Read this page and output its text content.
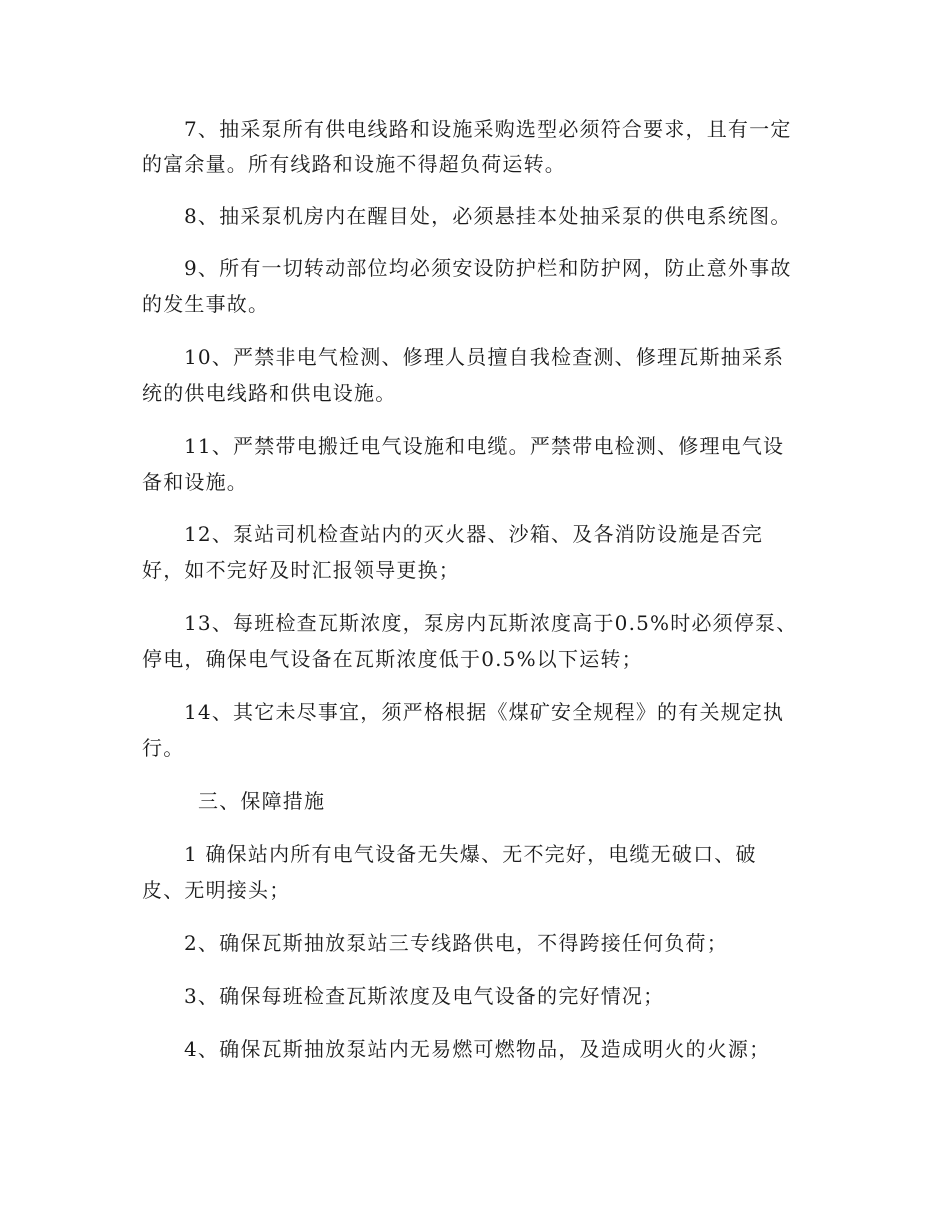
7、抽采泵所有供电线路和设施采购选型必须符合要求，且有一定
的富余量。所有线路和设施不得超负荷运转。
8、抽采泵机房内在醒目处，必须悬挂本处抽采泵的供电系统图。
9、所有一切转动部位均必须安设防护栏和防护网，防止意外事故
的发生事故。
10、严禁非电气检测、修理人员擅自我检查测、修理瓦斯抽采系
统的供电线路和供电设施。
11、严禁带电搬迁电气设施和电缆。严禁带电检测、修理电气设
备和设施。
12、泵站司机检查站内的灭火器、沙箱、及各消防设施是否完
好，如不完好及时汇报领导更换；
13、每班检查瓦斯浓度，泵房内瓦斯浓度高于0.5%时必须停泵、
停电，确保电气设备在瓦斯浓度低于0.5%以下运转；
14、其它未尽事宜，须严格根据《煤矿安全规程》的有关规定执
行。
三、保障措施
1 确保站内所有电气设备无失爆、无不完好，电缆无破口、破
皮、无明接头；
2、确保瓦斯抽放泵站三专线路供电，不得跨接任何负荷；
3、确保每班检查瓦斯浓度及电气设备的完好情况；
4、确保瓦斯抽放泵站内无易燃可燃物品，及造成明火的火源；
